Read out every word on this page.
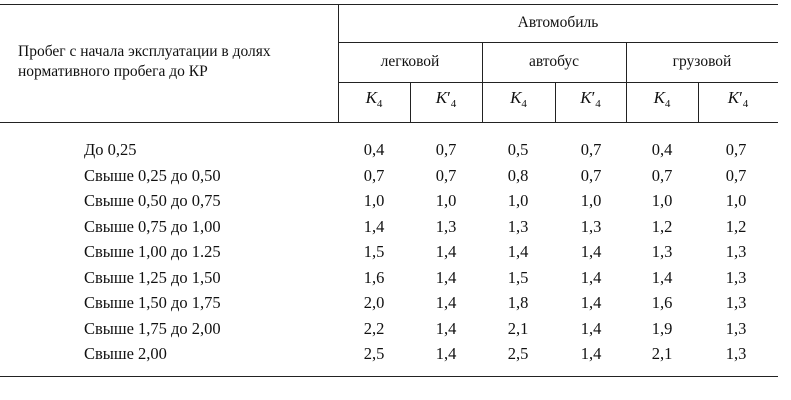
Пробег с начала эксплуатации в долях нормативного пробега до КР
Автомобиль
легковой	автобус	грузовой
$K_4$	$K'_4$	$K_4$	$K'_4$	$K_4$	$K'_4$
До 0,25	0,4	0,7	0,5	0,7	0,4	0,7
Свыше 0,25 до 0,50	0,7	0,7	0,8	0,7	0,7	0,7
Свыше 0,50 до 0,75	1,0	1,0	1,0	1,0	1,0	1,0
Свыше 0,75 до 1,00	1,4	1,3	1,3	1,3	1,2	1,2
Свыше 1,00 до 1.25	1,5	1,4	1,4	1,4	1,3	1,3
Свыше 1,25 до 1,50	1,6	1,4	1,5	1,4	1,4	1,3
Свыше 1,50 до 1,75	2,0	1,4	1,8	1,4	1,6	1,3
Свыше 1,75 до 2,00	2,2	1,4	2,1	1,4	1,9	1,3
Свыше 2,00	2,5	1,4	2,5	1,4	2,1	1,3
